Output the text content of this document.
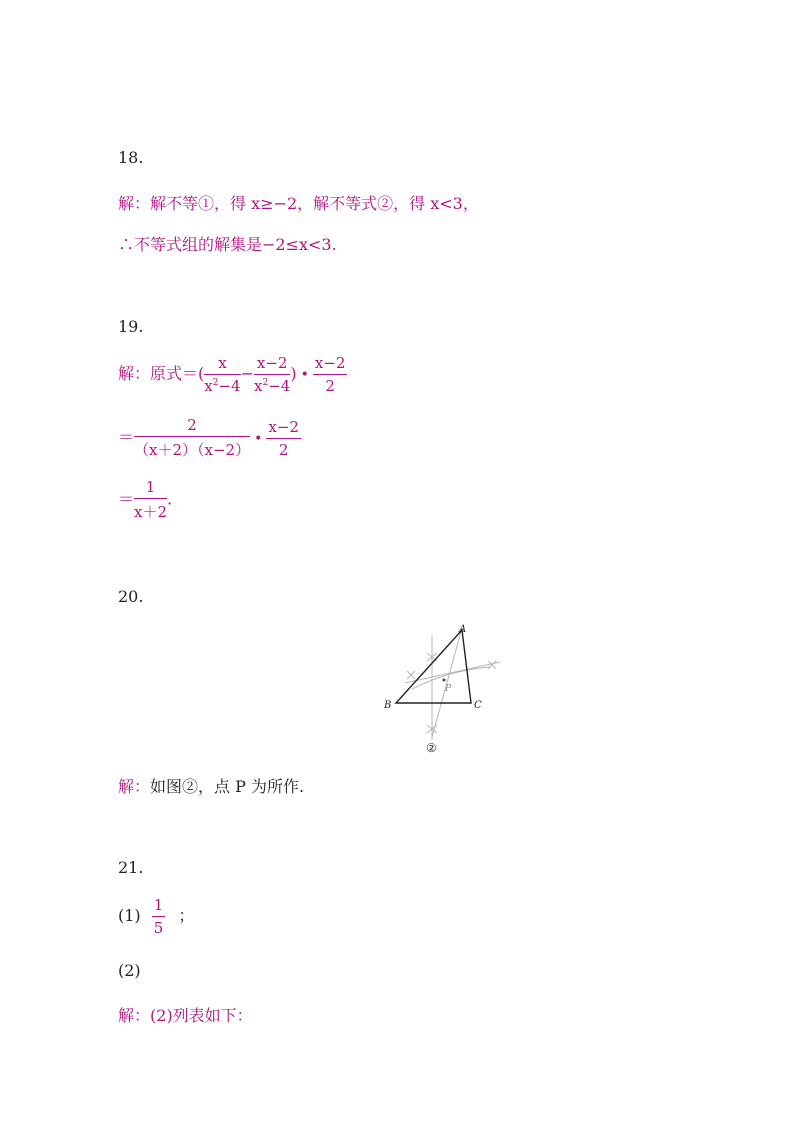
18.
解：解不等①，得 x≥−2，解不等式②，得 x<3，
∴不等式组的解集是−2≤x<3.
19.
解：原式＝( $\frac{x}{x^2-4} - \frac{x-2}{x^2-4}$ ) • $\frac{x-2}{2}$
＝ $\frac{2}{(x+2)(x-2)}$ • $\frac{x-2}{2}$
＝ $\frac{1}{x+2}$ .
20.
A
B	C
P
②
解：如图②，点 P 为所作.
21.
$(1) \frac{1}{5}$ ；
(2)
解：(2)列表如下：
